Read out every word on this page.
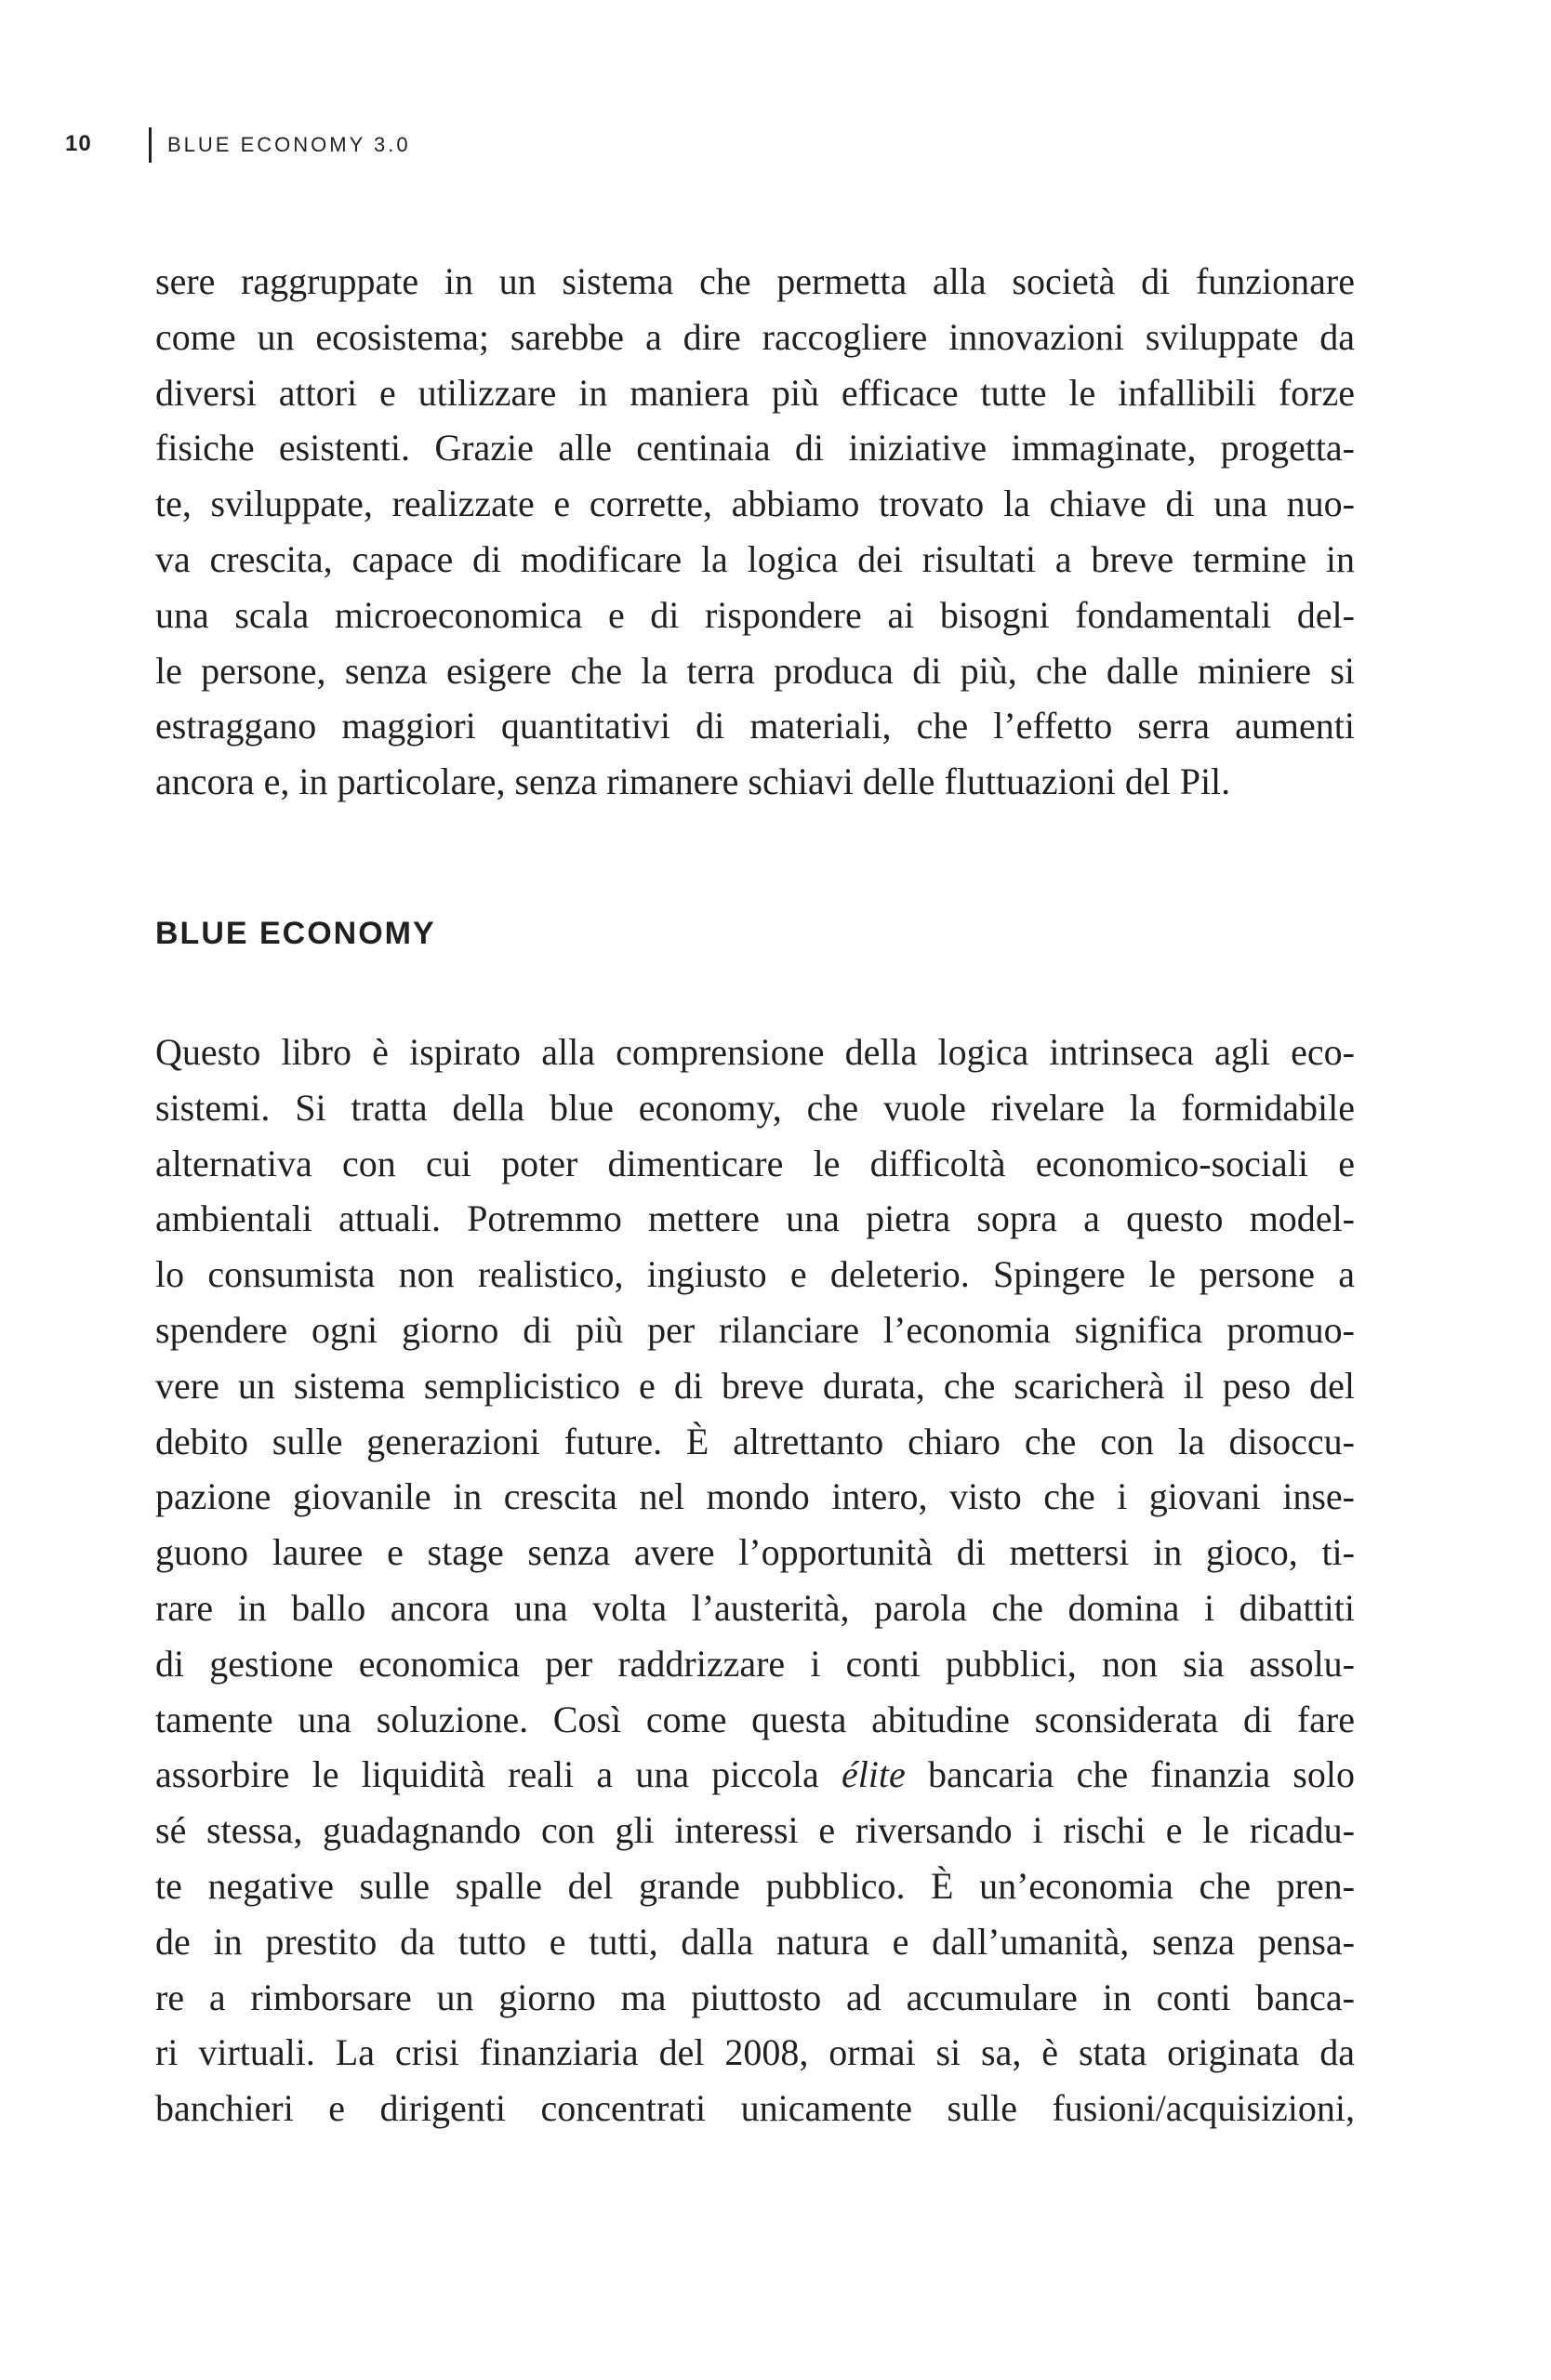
10	BLUE ECONOMY 3.0

sere raggruppate in un sistema che permetta alla società di funzionare
come un ecosistema; sarebbe a dire raccogliere innovazioni sviluppate da
diversi attori e utilizzare in maniera più efficace tutte le infallibili forze
fisiche esistenti. Grazie alle centinaia di iniziative immaginate, progetta-
te, sviluppate, realizzate e corrette, abbiamo trovato la chiave di una nuo-
va crescita, capace di modificare la logica dei risultati a breve termine in
una scala microeconomica e di rispondere ai bisogni fondamentali del-
le persone, senza esigere che la terra produca di più, che dalle miniere si
estraggano maggiori quantitativi di materiali, che l’effetto serra aumenti
ancora e, in particolare, senza rimanere schiavi delle fluttuazioni del Pil.

BLUE ECONOMY

Questo libro è ispirato alla comprensione della logica intrinseca agli eco-
sistemi. Si tratta della blue economy, che vuole rivelare la formidabile
alternativa con cui poter dimenticare le difficoltà economico-sociali e
ambientali attuali. Potremmo mettere una pietra sopra a questo model-
lo consumista non realistico, ingiusto e deleterio. Spingere le persone a
spendere ogni giorno di più per rilanciare l’economia significa promuo-
vere un sistema semplicistico e di breve durata, che scaricherà il peso del
debito sulle generazioni future. È altrettanto chiaro che con la disoccu-
pazione giovanile in crescita nel mondo intero, visto che i giovani inse-
guono lauree e stage senza avere l’opportunità di mettersi in gioco, ti-
rare in ballo ancora una volta l’austerità, parola che domina i dibattiti
di gestione economica per raddrizzare i conti pubblici, non sia assolu-
tamente una soluzione. Così come questa abitudine sconsiderata di fare
assorbire le liquidità reali a una piccola élite bancaria che finanzia solo
sé stessa, guadagnando con gli interessi e riversando i rischi e le ricadu-
te negative sulle spalle del grande pubblico. È un’economia che pren-
de in prestito da tutto e tutti, dalla natura e dall’umanità, senza pensa-
re a rimborsare un giorno ma piuttosto ad accumulare in conti banca-
ri virtuali. La crisi finanziaria del 2008, ormai si sa, è stata originata da
banchieri e dirigenti concentrati unicamente sulle fusioni/acquisizioni,
